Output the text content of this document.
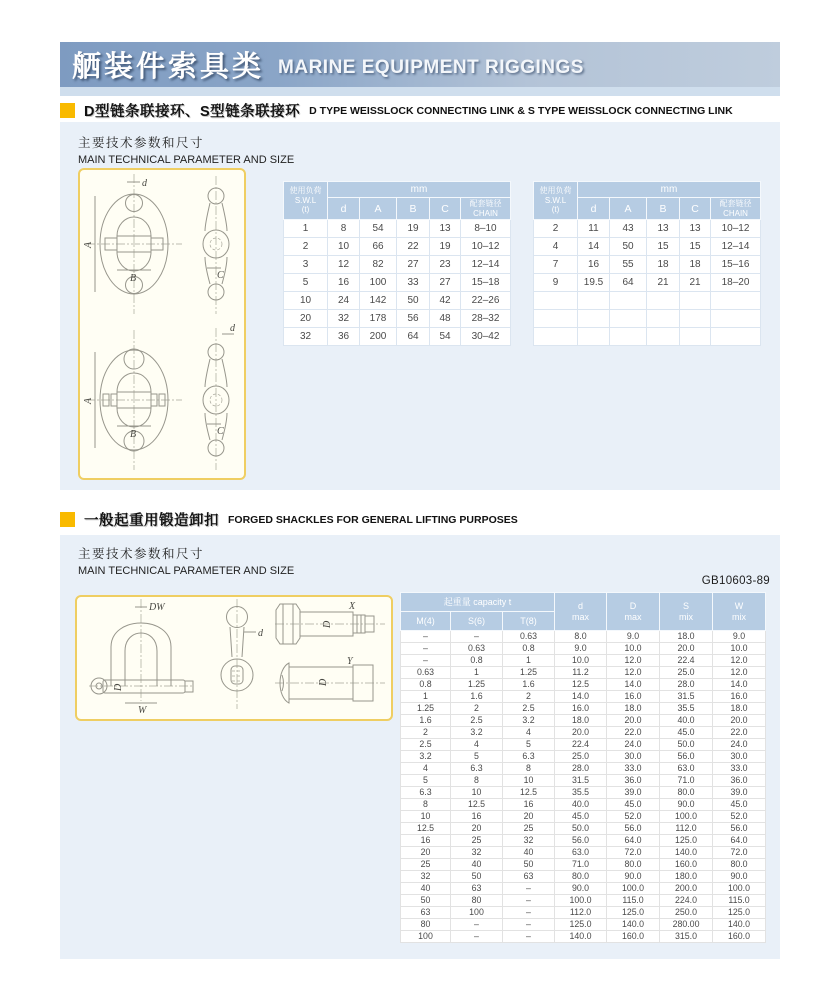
舾装件索具类 MARINE EQUIPMENT RIGGINGS
D型链条联接环、S型链条联接环 D TYPE WEISSLOCK CONNECTING LINK & S TYPE WEISSLOCK CONNECTING LINK
主要技术参数和尺寸
MAIN TECHNICAL PARAMETER AND SIZE
d
A
B	C
A
B
d
C
使用负荷
S.W.L
(t)	mm				
	d	A	B	C	配套链径
CHAIN

1	8	54	19	13	8–10
2	10	66	22	19	10–12
3	12	82	27	23	12–14
5	16	100	33	27	15–18
10	24	142	50	42	22–26
20	32	178	56	48	28–32
32	36	200	64	54	30–42
使用负荷
S.W.L
(t)	mm				
	d	A	B	C	配套链径
CHAIN

2	11	43	13	13	10–12
4	14	50	15	15	12–14
7	16	55	18	18	15–16
9	19.5	64	21	21	18–20

一般起重用锻造卸扣 FORGED SHACKLES FOR GENERAL LIFTING PURPOSES
主要技术参数和尺寸
MAIN TECHNICAL PARAMETER AND SIZE
GB10603-89
DW
D
W
d
X
D
Y
D
起重量 capacity t	d
max

D
max

S
mix

W
mix

M(4)	S(6)	T(8)				
–	–	0.63	8.0	9.0	18.0	9.0
–	0.63	0.8	9.0	10.0	20.0	10.0
–	0.8	1	10.0	12.0	22.4	12.0
0.63	1	1.25	11.2	12.0	25.0	12.0
0.8	1.25	1.6	12.5	14.0	28.0	14.0
1	1.6	2	14.0	16.0	31.5	16.0
1.25	2	2.5	16.0	18.0	35.5	18.0
1.6	2.5	3.2	18.0	20.0	40.0	20.0
2	3.2	4	20.0	22.0	45.0	22.0
2.5	4	5	22.4	24.0	50.0	24.0
3.2	5	6.3	25.0	30.0	56.0	30.0
4	6.3	8	28.0	33.0	63.0	33.0
5	8	10	31.5	36.0	71.0	36.0
6.3	10	12.5	35.5	39.0	80.0	39.0
8	12.5	16	40.0	45.0	90.0	45.0
10	16	20	45.0	52.0	100.0	52.0
12.5	20	25	50.0	56.0	112.0	56.0
16	25	32	56.0	64.0	125.0	64.0
20	32	40	63.0	72.0	140.0	72.0
25	40	50	71.0	80.0	160.0	80.0
32	50	63	80.0	90.0	180.0	90.0
40	63	–	90.0	100.0	200.0	100.0
50	80	–	100.0	115.0	224.0	115.0
63	100	–	112.0	125.0	250.0	125.0
80	–	–	125.0	140.0	280.00	140.0
100	–	–	140.0	160.0	315.0	160.0
